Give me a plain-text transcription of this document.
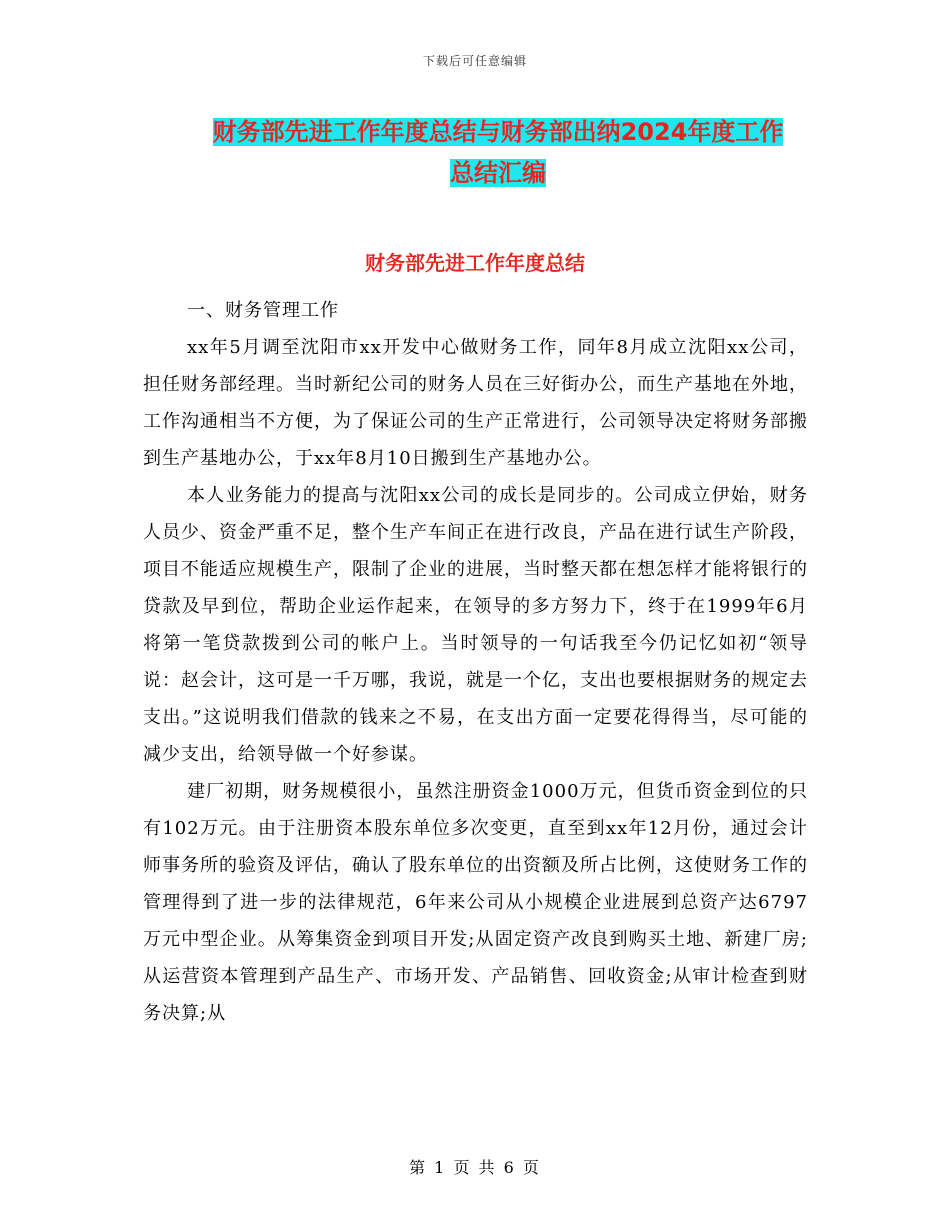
下载后可任意编辑
财务部先进工作年度总结与财务部出纳2024年度工作
总结汇编
财务部先进工作年度总结

一、财务管理工作

xx年5月调至沈阳市xx开发中心做财务工作，同年8月成立沈阳xx公司，担任财务部经理。当时新纪公司的财务人员在三好街办公，而生产基地在外地，工作沟通相当不方便，为了保证公司的生产正常进行，公司领导决定将财务部搬到生产基地办公，于xx年8月10日搬到生产基地办公。

本人业务能力的提高与沈阳xx公司的成长是同步的。公司成立伊始，财务人员少、资金严重不足，整个生产车间正在进行改良，产品在进行试生产阶段，项目不能适应规模生产，限制了企业的进展，当时整天都在想怎样才能将银行的贷款及早到位，帮助企业运作起来，在领导的多方努力下，终于在1999年6月将第一笔贷款拨到公司的帐户上。当时领导的一句话我至今仍记忆如初“领导说：赵会计，这可是一千万哪，我说，就是一个亿，支出也要根据财务的规定去支出。”这说明我们借款的钱来之不易，在支出方面一定要花得得当，尽可能的减少支出，给领导做一个好参谋。

建厂初期，财务规模很小，虽然注册资金1000万元，但货币资金到位的只有102万元。由于注册资本股东单位多次变更，直至到xx年12月份，通过会计师事务所的验资及评估，确认了股东单位的出资额及所占比例，这使财务工作的管理得到了进一步的法律规范，6年来公司从小规模企业进展到总资产达6797万元中型企业。从筹集资金到项目开发;从固定资产改良到购买土地、新建厂房;从运营资本管理到产品生产、市场开发、产品销售、回收资金;从审计检查到财务决算;从

第 1 页 共 6 页
